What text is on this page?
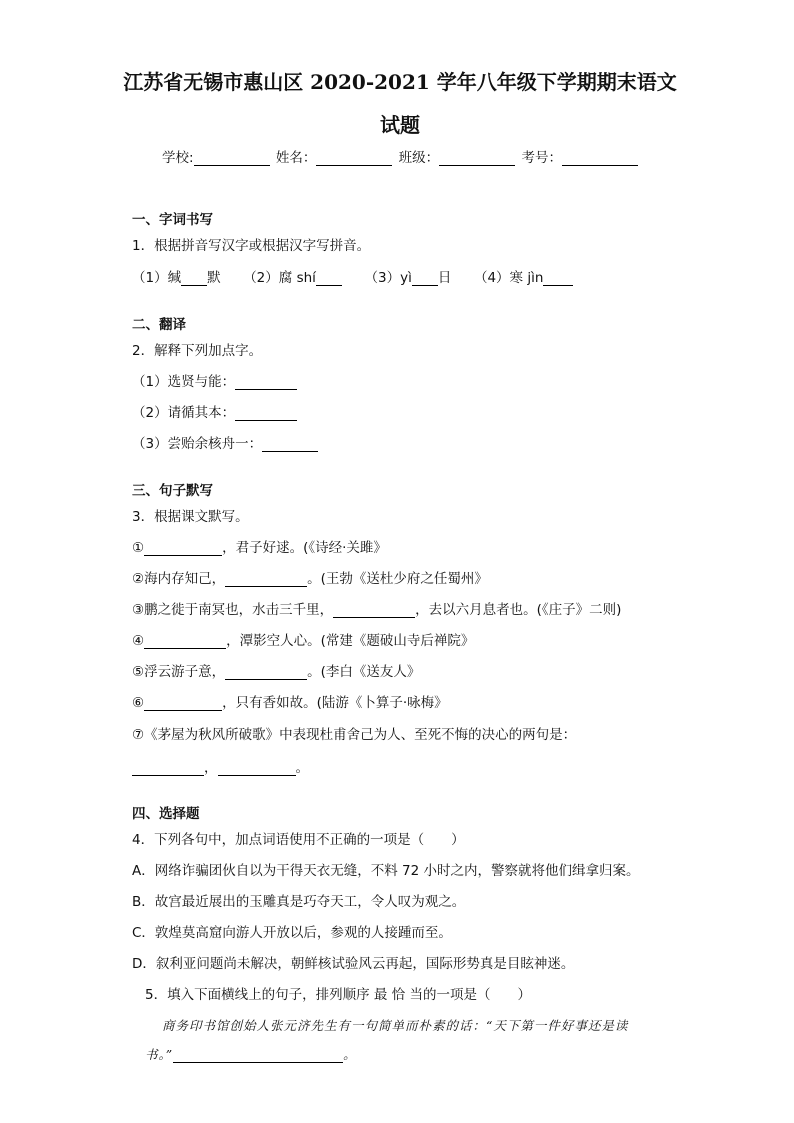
江苏省无锡市惠山区 2020-2021 学年八年级下学期期末语文
试题
学校:	姓名：	班级：	考号：
一、字词书写
1．根据拼音写汉字或根据汉字写拼音。
（1）缄 默 （2）腐 shí	（3）yì 日 （4）寒 jìn
二、翻译
2．解释下列加点字。
（1）选贤与能：
（2）请循其本：
（3）尝贻余核舟一：
三、句子默写
3．根据课文默写。
①	，君子好逑。(《诗经·关雎》
②海内存知己，	。(王勃《送杜少府之任蜀州》
③鹏之徙于南冥也，水击三千里，	，去以六月息者也。(《庄子》二则)
④	，潭影空人心。(常建《题破山寺后禅院》
⑤浮云游子意，	。(李白《送友人》
⑥	，只有香如故。(陆游《卜算子·咏梅》
⑦《茅屋为秋风所破歌》中表现杜甫舍己为人、至死不悔的决心的两句是：
，	。
四、选择题
4．下列各句中，加点词语使用不正确的一项是（　　）
A．网络诈骗团伙自以为干得天衣无缝，不料 72 小时之内，警察就将他们缉拿归案。
B．故宫最近展出的玉雕真是巧夺天工，令人叹为观之。
C．敦煌莫高窟向游人开放以后，参观的人接踵而至。
D．叙利亚问题尚未解决，朝鲜核试验风云再起，国际形势真是目眩神迷。
5．填入下面横线上的句子，排列顺序 最 恰 当的一项是（　　）
商务印书馆创始人张元济先生有一句简单而朴素的话：“天下第一件好事还是读
书。”	。
